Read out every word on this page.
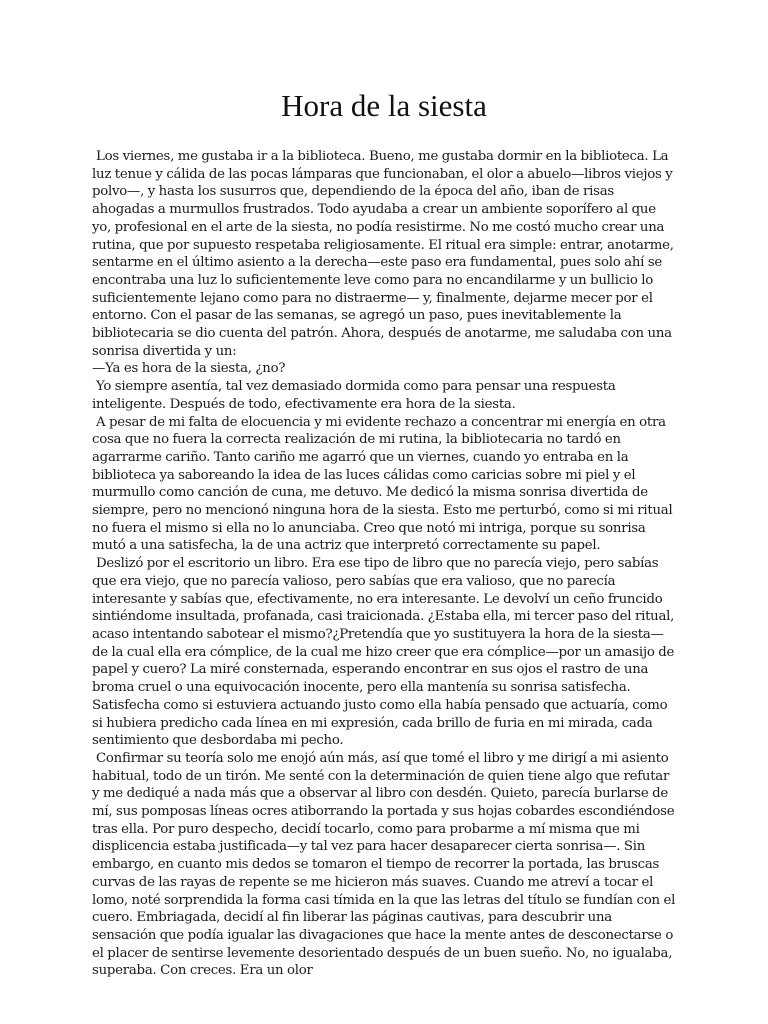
Hora de la siesta

Los viernes, me gustaba ir a la biblioteca. Bueno, me gustaba dormir en la biblioteca. La luz tenue y cálida de las pocas lámparas que funcionaban, el olor a abuelo—libros viejos y polvo—, y hasta los susurros que, dependiendo de la época del año, iban de risas ahogadas a murmullos frustrados. Todo ayudaba a crear un ambiente soporífero al que yo, profesional en el arte de la siesta, no podía resistirme. No me costó mucho crear una rutina, que por supuesto respetaba religiosamente. El ritual era simple: entrar, anotarme, sentarme en el último asiento a la derecha—este paso era fundamental, pues solo ahí se encontraba una luz lo suficientemente leve como para no encandilarme y un bullicio lo suficientemente lejano como para no distraerme— y, finalmente, dejarme mecer por el entorno. Con el pasar de las semanas, se agregó un paso, pues inevitablemente la bibliotecaria se dio cuenta del patrón. Ahora, después de anotarme, me saludaba con una sonrisa divertida y un:

—Ya es hora de la siesta, ¿no?

Yo siempre asentía, tal vez demasiado dormida como para pensar una respuesta inteligente. Después de todo, efectivamente era hora de la siesta.

A pesar de mi falta de elocuencia y mi evidente rechazo a concentrar mi energía en otra cosa que no fuera la correcta realización de mi rutina, la bibliotecaria no tardó en agarrarme cariño. Tanto cariño me agarró que un viernes, cuando yo entraba en la biblioteca ya saboreando la idea de las luces cálidas como caricias sobre mi piel y el murmullo como canción de cuna, me detuvo. Me dedicó la misma sonrisa divertida de siempre, pero no mencionó ninguna hora de la siesta. Esto me perturbó, como si mi ritual no fuera el mismo si ella no lo anunciaba. Creo que notó mi intriga, porque su sonrisa mutó a una satisfecha, la de una actriz que interpretó correctamente su papel.

Deslizó por el escritorio un libro. Era ese tipo de libro que no parecía viejo, pero sabías que era viejo, que no parecía valioso, pero sabías que era valioso, que no parecía interesante y sabías que, efectivamente, no era interesante. Le devolví un ceño fruncido sintiéndome insultada, profanada, casi traicionada. ¿Estaba ella, mi tercer paso del ritual, acaso intentando sabotear el mismo?¿Pretendía que yo sustituyera la hora de la siesta—de la cual ella era cómplice, de la cual me hizo creer que era cómplice—por un amasijo de papel y cuero? La miré consternada, esperando encontrar en sus ojos el rastro de una broma cruel o una equivocación inocente, pero ella mantenía su sonrisa satisfecha. Satisfecha como si estuviera actuando justo como ella había pensado que actuaría, como si hubiera predicho cada línea en mi expresión, cada brillo de furia en mi mirada, cada sentimiento que desbordaba mi pecho.

Confirmar su teoría solo me enojó aún más, así que tomé el libro y me dirigí a mi asiento habitual, todo de un tirón. Me senté con la determinación de quien tiene algo que refutar y me dediqué a nada más que a observar al libro con desdén. Quieto, parecía burlarse de mí, sus pomposas líneas ocres atiborrando la portada y sus hojas cobardes escondiéndose tras ella. Por puro despecho, decidí tocarlo, como para probarme a mí misma que mi displicencia estaba justificada—y tal vez para hacer desaparecer cierta sonrisa—. Sin embargo, en cuanto mis dedos se tomaron el tiempo de recorrer la portada, las bruscas curvas de las rayas de repente se me hicieron más suaves. Cuando me atreví a tocar el lomo, noté sorprendida la forma casi tímida en la que las letras del título se fundían con el cuero. Embriagada, decidí al fin liberar las páginas cautivas, para descubrir una sensación que podía igualar las divagaciones que hace la mente antes de desconectarse o el placer de sentirse levemente desorientado después de un buen sueño. No, no igualaba, superaba. Con creces. Era un olor
